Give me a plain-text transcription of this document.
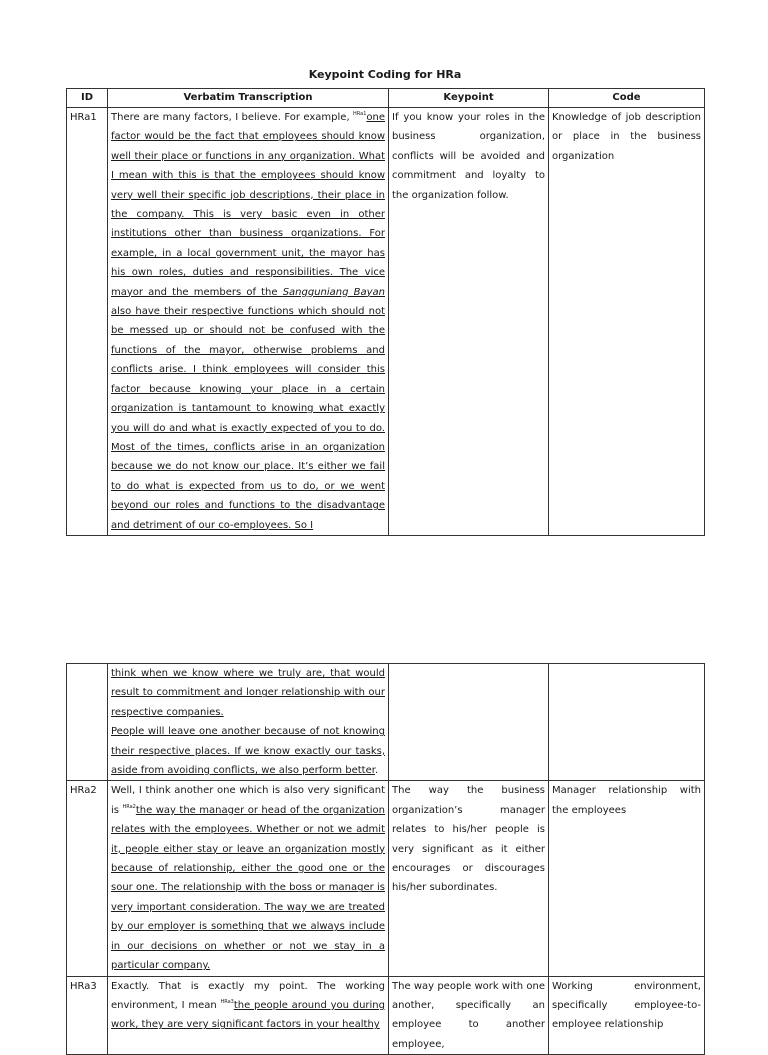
Keypoint Coding for HRa
ID	Verbatim Transcription	Keypoint	Code
HRa1	There are many factors, I believe. For example, $^{HRa1}$one factor would be the fact that employees should know well their place or functions in any organization. What I mean with this is that the employees should know very well their specific job descriptions, their place in the company. This is very basic even in other institutions other than business organizations. For example, in a local government unit, the mayor has his own roles, duties and responsibilities. The vice mayor and the members of the Sangguniang Bayan also have their respective functions which should not be messed up or should not be confused with the functions of the mayor, otherwise problems and conflicts arise. I think employees will consider this factor because knowing your place in a certain organization is tantamount to knowing what exactly you will do and what is exactly expected of you to do. Most of the times, conflicts arise in an organization because we do not know our place. It’s either we fail to do what is expected from us to do, or we went beyond our roles and functions to the disadvantage and detriment of our co-employees. So I	If you know your roles in the business organization, conflicts will be avoided and commitment and loyalty to the organization follow.	Knowledge of job description or place in the business organization
	think when we know where we truly are, that would result to commitment and longer relationship with our respective companies.
People will leave one another because of not knowing their respective places. If we know exactly our tasks, aside from avoiding conflicts, we also perform better.		
HRa2	Well, I think another one which is also very significant is $^{HRa2}$the way the manager or head of the organization relates with the employees. Whether or not we admit it, people either stay or leave an organization mostly because of relationship, either the good one or the sour one. The relationship with the boss or manager is very important consideration. The way we are treated by our employer is something that we always include in our decisions on whether or not we stay in a particular company.	The way the business organization’s manager relates to his/her people is very significant as it either encourages or discourages his/her subordinates.	Manager relationship with the employees
HRa3	Exactly. That is exactly my point. The working environment, I mean $^{HRa3}$the people around you during work, they are very significant factors in your healthy	The way people work with one another, specifically an employee to another employee,	Working environment, specifically employee-to-employee relationship
